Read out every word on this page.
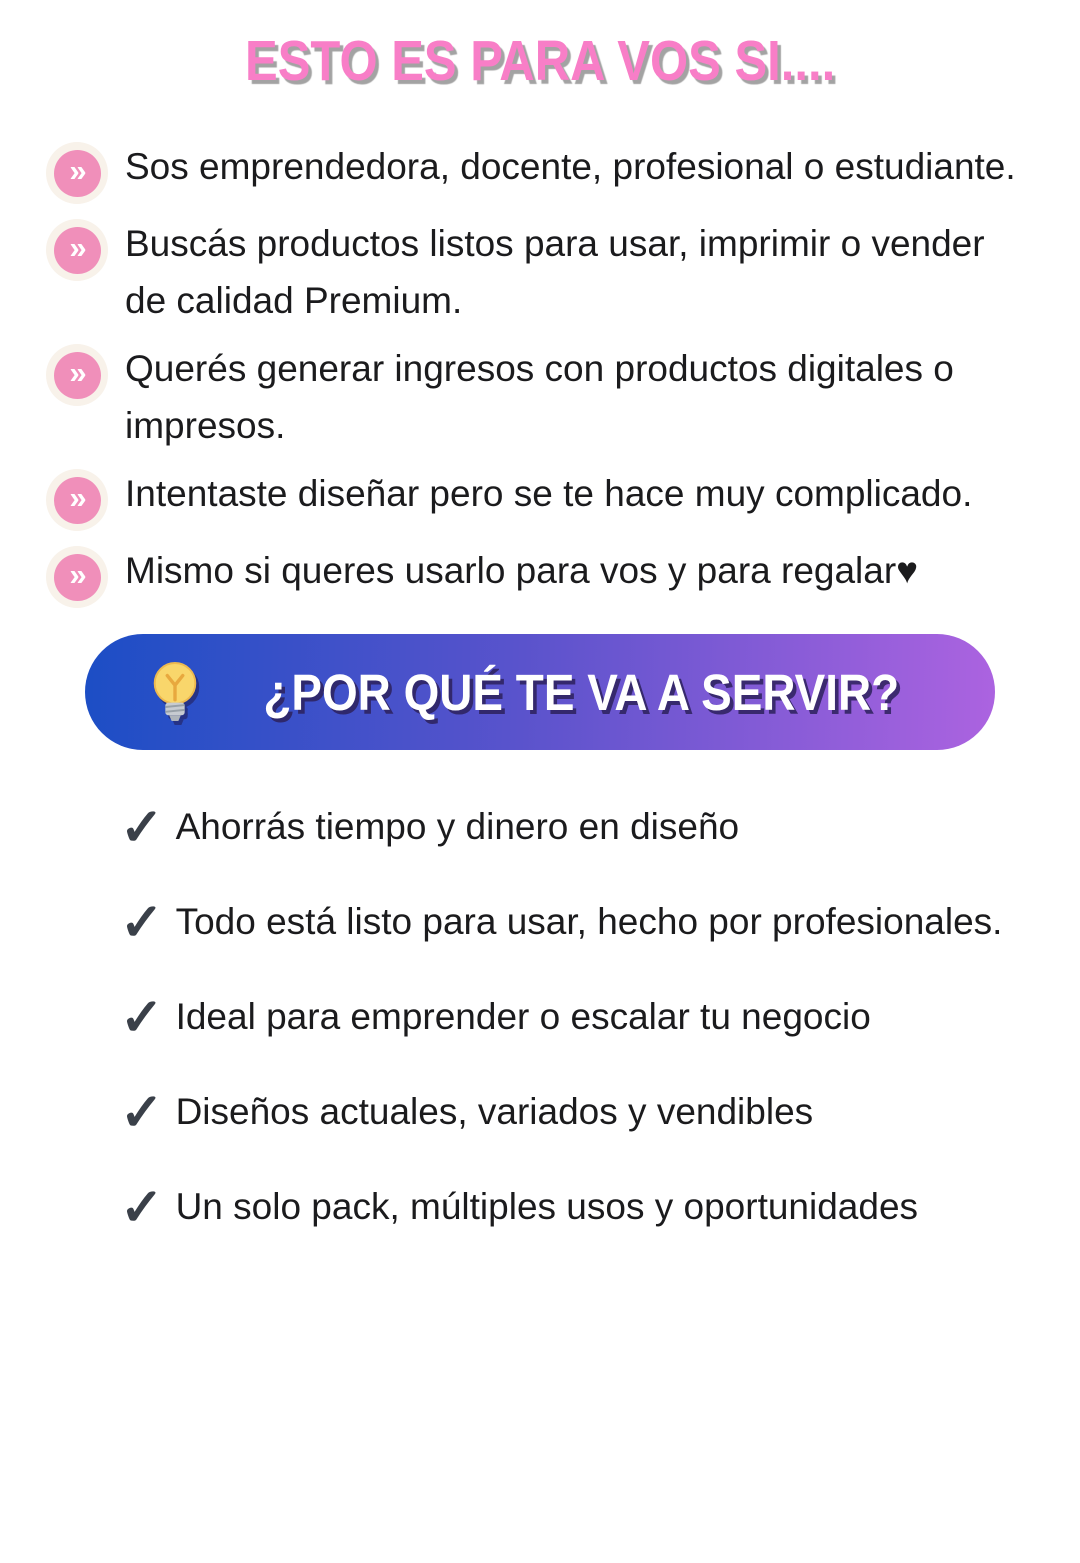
ESTO ES PARA VOS SI....
» Sos emprendedora, docente, profesional o estudiante.
» Buscás productos listos para usar, imprimir o vender de calidad Premium.
» Querés generar ingresos con productos digitales o impresos.
» Intentaste diseñar pero se te hace muy complicado.
» Mismo si queres usarlo para vos y para regalar♥
¿POR QUÉ TE VA A SERVIR?

✓ Ahorrás tiempo y dinero en diseño

✓ Todo está listo para usar, hecho por profesionales.

✓ Ideal para emprender o escalar tu negocio

✓ Diseños actuales, variados y vendibles

✓ Un solo pack, múltiples usos y oportunidades
